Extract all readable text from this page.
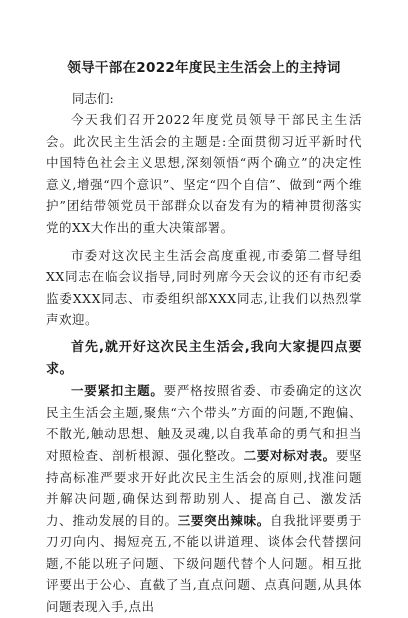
领导干部在2022年度民主生活会上的主持词
同志们:

今天我们召开2022年度党员领导干部民主生活会。此次民主生活会的主题是:全面贯彻习近平新时代中国特色社会主义思想,深刻领悟“两个确立”的决定性意义,增强“四个意识”、坚定“四个自信”、做到“两个维护”团结带领党员干部群众以奋发有为的精神贯彻落实党的XX大作出的重大决策部署。

市委对这次民主生活会高度重视,市委第二督导组XX同志在临会议指导,同时列席今天会议的还有市纪委监委XXX同志、市委组织部XXX同志,让我们以热烈掌声欢迎。

首先,就开好这次民主生活会,我向大家提四点要求。

一要紧扣主题。要严格按照省委、市委确定的这次民主生活会主题,聚焦“六个带头”方面的问题,不跑偏、不散光,触动思想、触及灵魂,以自我革命的勇气和担当对照检查、剖析根源、强化整改。二要对标对表。要坚持高标准严要求开好此次民主生活会的原则,找准问题并解决问题,确保达到帮助别人、提高自己、激发活力、推动发展的目的。三要突出辣味。自我批评要勇于刀刃向内、揭短亮五,不能以讲道理、谈体会代替摆问题,不能以班子问题、下级问题代替个人问题。相互批评要出于公心、直截了当,直点问题、点真问题,从具体问题表现入手,点出
